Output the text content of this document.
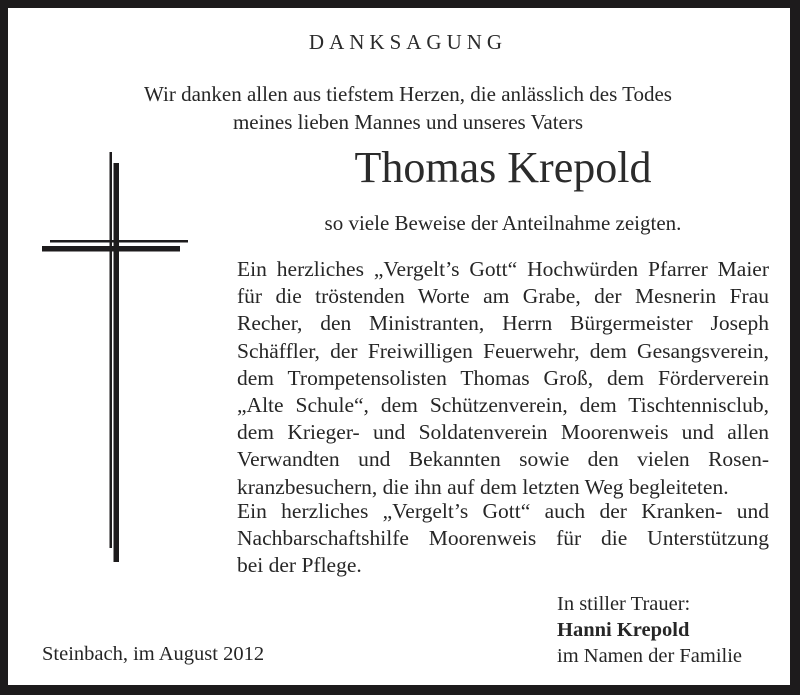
DANKSAGUNG
Wir danken allen aus tiefstem Herzen, die anlässlich des Todes
meines lieben Mannes und unseres Vaters
Thomas Krepold
so viele Beweise der Anteilnahme zeigten.
Ein herzliches „Vergelt’s Gott“ Hochwürden Pfarrer Maier
für die tröstenden Worte am Grabe, der Mesnerin Frau
Recher, den Ministranten, Herrn Bürgermeister Joseph
Schäffler, der Freiwilligen Feuerwehr, dem Gesangsverein,
dem Trompetensolisten Thomas Groß, dem Förderverein
„Alte Schule“, dem Schützenverein, dem Tischtennisclub,
dem Krieger- und Soldatenverein Moorenweis und allen
Verwandten und Bekannten sowie den vielen Rosen-
kranzbesuchern, die ihn auf dem letzten Weg begleiteten.
Ein herzliches „Vergelt’s Gott“ auch der Kranken- und
Nachbarschaftshilfe Moorenweis für die Unterstützung
bei der Pflege.
In stiller Trauer:
Hanni Krepold
im Namen der Familie
Steinbach, im August 2012
